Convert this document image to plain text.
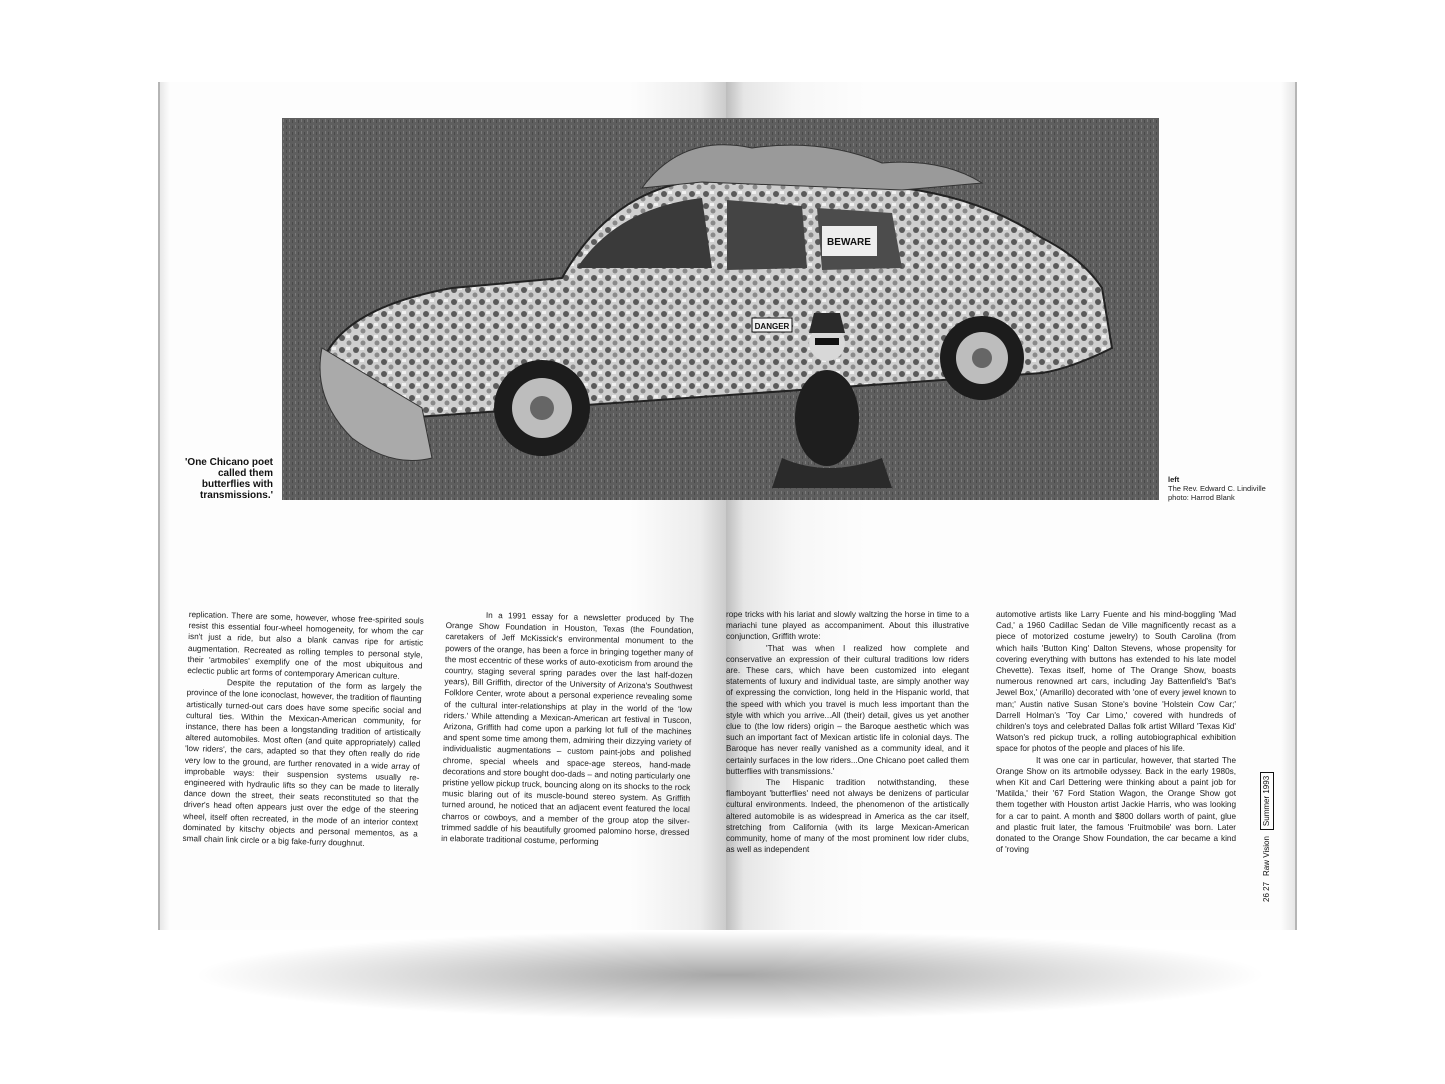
BEWARE
DANGER
'One Chicano poet called them butterflies with transmissions.'
left
The Rev. Edward C. Lindiville
photo: Harrod Blank

replication. There are some, however, whose free-spirited souls resist this essential four-wheel homogeneity, for whom the car isn't just a ride, but also a blank canvas ripe for artistic augmentation. Recreated as rolling temples to personal style, their 'artmobiles' exemplify one of the most ubiquitous and eclectic public art forms of contemporary American culture.

Despite the reputation of the form as largely the province of the lone iconoclast, however, the tradition of flaunting artistically turned-out cars does have some specific social and cultural ties. Within the Mexican-American community, for instance, there has been a longstanding tradition of artistically altered automobiles. Most often (and quite appropriately) called 'low riders', the cars, adapted so that they often really do ride very low to the ground, are further renovated in a wide array of improbable ways: their suspension systems usually re-engineered with hydraulic lifts so they can be made to literally dance down the street, their seats reconstituted so that the driver's head often appears just over the edge of the steering wheel, itself often recreated, in the mode of an interior context dominated by kitschy objects and personal mementos, as a small chain link circle or a big fake-furry doughnut.

In a 1991 essay for a newsletter produced by The Orange Show Foundation in Houston, Texas (the Foundation, caretakers of Jeff McKissick's environmental monument to the powers of the orange, has been a force in bringing together many of the most eccentric of these works of auto-exoticism from around the country, staging several spring parades over the last half-dozen years), Bill Griffith, director of the University of Arizona's Southwest Folklore Center, wrote about a personal experience revealing some of the cultural inter-relationships at play in the world of the 'low riders.' While attending a Mexican-American art festival in Tuscon, Arizona, Griffith had come upon a parking lot full of the machines and spent some time among them, admiring their dizzying variety of individualistic augmentations – custom paint-jobs and polished chrome, special wheels and space-age stereos, hand-made decorations and store bought doo-dads – and noting particularly one pristine yellow pickup truck, bouncing along on its shocks to the rock music blaring out of its muscle-bound stereo system. As Griffith turned around, he noticed that an adjacent event featured the local charros or cowboys, and a member of the group atop the silver-trimmed saddle of his beautifully groomed palomino horse, dressed in elaborate traditional costume, performing

rope tricks with his lariat and slowly waltzing the horse in time to a mariachi tune played as accompaniment. About this illustrative conjunction, Griffith wrote:

'That was when I realized how complete and conservative an expression of their cultural traditions low riders are. These cars, which have been customized into elegant statements of luxury and individual taste, are simply another way of expressing the conviction, long held in the Hispanic world, that the speed with which you travel is much less important than the style with which you arrive...All (their) detail, gives us yet another clue to (the low riders) origin – the Baroque aesthetic which was such an important fact of Mexican artistic life in colonial days. The Baroque has never really vanished as a community ideal, and it certainly surfaces in the low riders...One Chicano poet called them butterflies with transmissions.'

The Hispanic tradition notwithstanding, these flamboyant 'butterflies' need not always be denizens of particular cultural environments. Indeed, the phenomenon of the artistically altered automobile is as widespread in America as the car itself, stretching from California (with its large Mexican-American community, home of many of the most prominent low rider clubs, as well as independent

automotive artists like Larry Fuente and his mind-boggling 'Mad Cad,' a 1960 Cadillac Sedan de Ville magnificently recast as a piece of motorized costume jewelry) to South Carolina (from which hails 'Button King' Dalton Stevens, whose propensity for covering everything with buttons has extended to his late model Chevette). Texas itself, home of The Orange Show, boasts numerous renowned art cars, including Jay Battenfield's 'Bat's Jewel Box,' (Amarillo) decorated with 'one of every jewel known to man;' Austin native Susan Stone's bovine 'Holstein Cow Car;' Darrell Holman's 'Toy Car Limo,' covered with hundreds of children's toys and celebrated Dallas folk artist Willard 'Texas Kid' Watson's red pickup truck, a rolling autobiographical exhibition space for photos of the people and places of his life.

It was one car in particular, however, that started The Orange Show on its artmobile odyssey. Back in the early 1980s, when Kit and Carl Dettering were thinking about a paint job for 'Matilda,' their '67 Ford Station Wagon, the Orange Show got them together with Houston artist Jackie Harris, who was looking for a car to paint. A month and $800 dollars worth of paint, glue and plastic fruit later, the famous 'Fruitmobile' was born. Later donated to the Orange Show Foundation, the car became a kind of 'roving

26 27
Raw Vision
Summer 1993
